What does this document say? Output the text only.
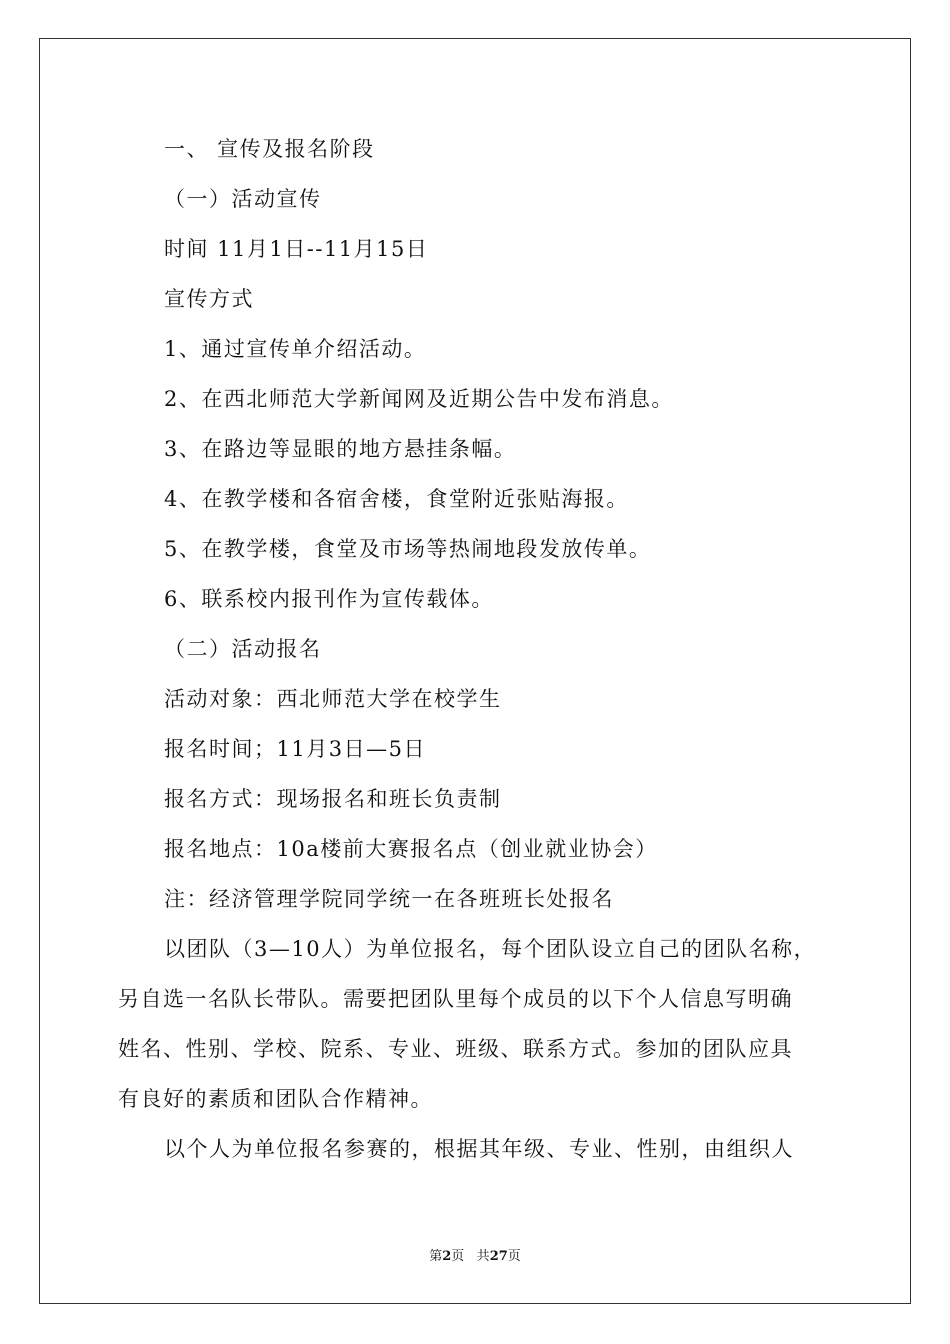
一、 宣传及报名阶段
（一）活动宣传
时间 11月1日--11月15日
宣传方式
1、通过宣传单介绍活动。
2、在西北师范大学新闻网及近期公告中发布消息。
3、在路边等显眼的地方悬挂条幅。
4、在教学楼和各宿舍楼，食堂附近张贴海报。
5、在教学楼，食堂及市场等热闹地段发放传单。
6、联系校内报刊作为宣传载体。
（二）活动报名
活动对象：西北师范大学在校学生
报名时间；11月3日—5日
报名方式：现场报名和班长负责制
报名地点：10a楼前大赛报名点（创业就业协会）
注：经济管理学院同学统一在各班班长处报名
以团队（3—10人）为单位报名，每个团队设立自己的团队名称，
另自选一名队长带队。需要把团队里每个成员的以下个人信息写明确
姓名、性别、学校、院系、专业、班级、联系方式。参加的团队应具
有良好的素质和团队合作精神。
以个人为单位报名参赛的，根据其年级、专业、性别，由组织人
第2页 共27页
